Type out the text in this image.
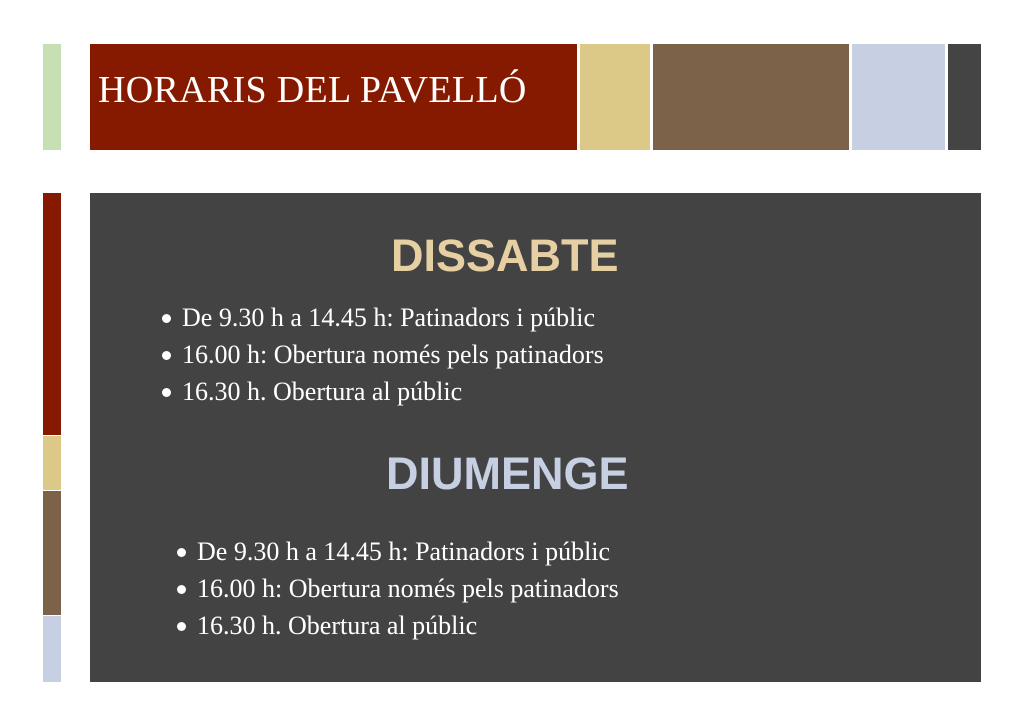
HORARIS DEL PAVELLÓ
DISSABTE
De 9.30 h a 14.45 h: Patinadors i públic
16.00 h: Obertura només pels patinadors
16.30 h. Obertura al públic
DIUMENGE
De 9.30 h a 14.45 h: Patinadors i públic
16.00 h: Obertura només pels patinadors
16.30 h. Obertura al públic
